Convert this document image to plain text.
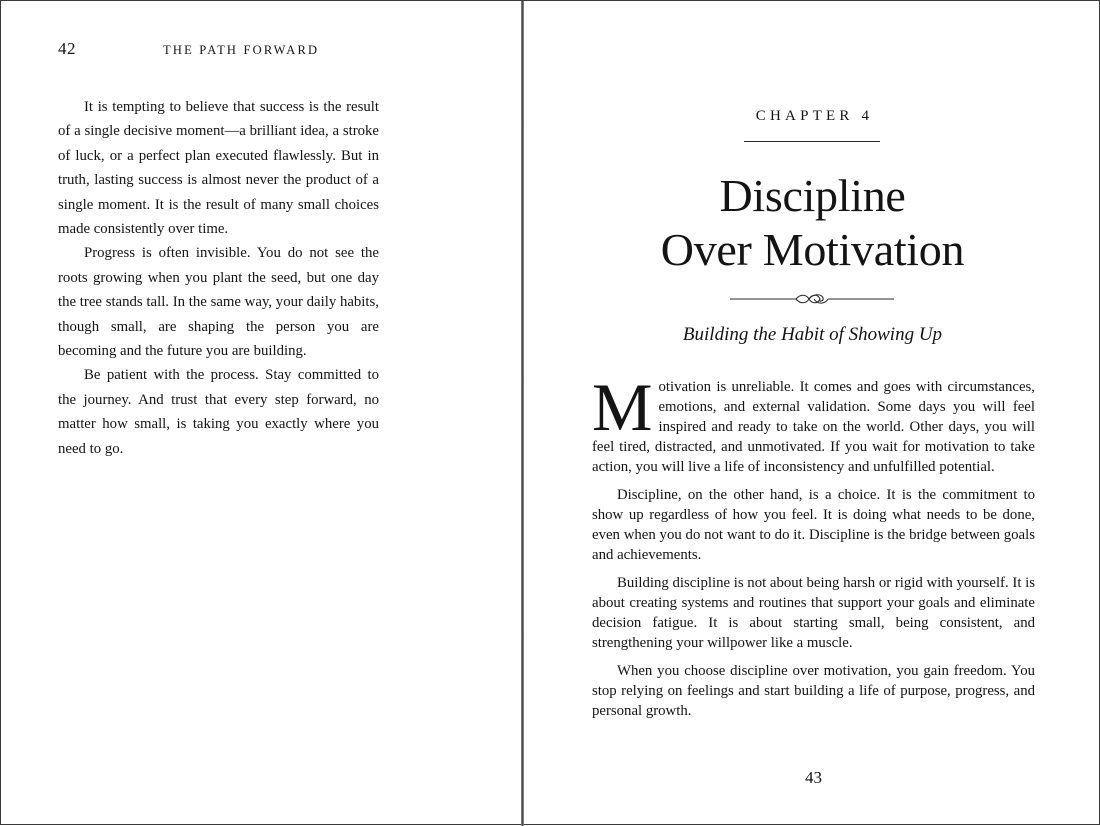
42	THE PATH FORWARD

It is tempting to believe that success is the result of a single decisive moment—a brilliant idea, a stroke of luck, or a perfect plan executed flawlessly. But in truth, lasting success is almost never the product of a single moment. It is the result of many small choices made consistently over time.

Progress is often invisible. You do not see the roots growing when you plant the seed, but one day the tree stands tall. In the same way, your daily habits, though small, are shaping the person you are becoming and the future you are building.

Be patient with the process. Stay committed to the journey. And trust that every step forward, no matter how small, is taking you exactly where you need to go.

CHAPTER 4
Discipline
Over Motivation
Building the Habit of Showing Up

Motivation is unreliable. It comes and goes with circumstances, emotions, and external validation. Some days you will feel inspired and ready to take on the world. Other days, you will feel tired, distracted, and unmotivated. If you wait for motivation to take action, you will live a life of inconsistency and unfulfilled potential.

Discipline, on the other hand, is a choice. It is the commitment to show up regardless of how you feel. It is doing what needs to be done, even when you do not want to do it. Discipline is the bridge between goals and achievements.

Building discipline is not about being harsh or rigid with yourself. It is about creating systems and routines that support your goals and eliminate decision fatigue. It is about starting small, being consistent, and strengthening your willpower like a muscle.

When you choose discipline over motivation, you gain freedom. You stop relying on feelings and start building a life of purpose, progress, and personal growth.

43
